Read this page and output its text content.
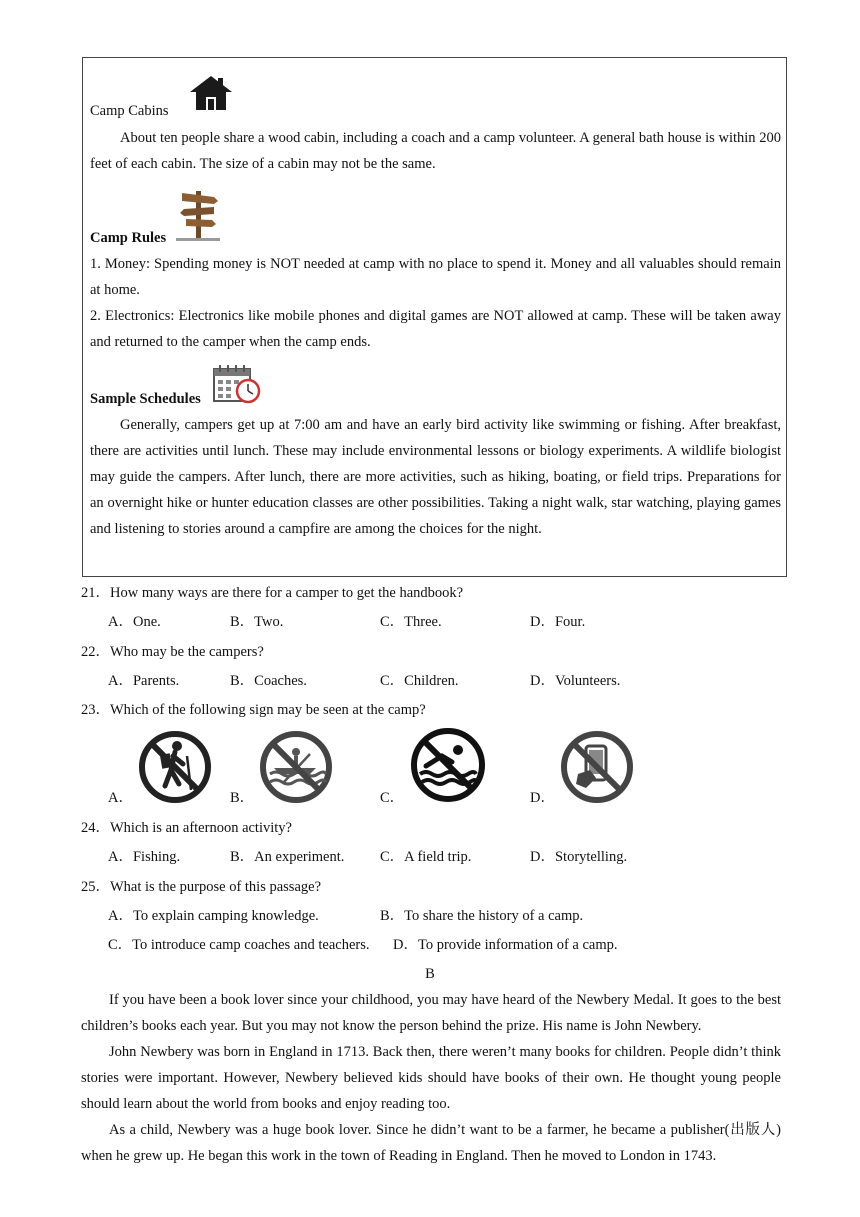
Camp Cabins
About ten people share a wood cabin, including a coach and a camp volunteer. A general bath house is within 200 feet of each cabin. The size of a cabin may not be the same.
Camp Rules
1. Money: Spending money is NOT needed at camp with no place to spend it. Money and all valuables should remain at home.
2. Electronics: Electronics like mobile phones and digital games are NOT allowed at camp. These will be taken away and returned to the camper when the camp ends.
Sample Schedules
Generally, campers get up at 7:00 am and have an early bird activity like swimming or fishing. After breakfast, there are activities until lunch. These may include environmental lessons or biology experiments. A wildlife biologist may guide the campers. After lunch, there are more activities, such as hiking, boating, or field trips. Preparations for an overnight hike or hunter education classes are other possibilities. Taking a night walk, star watching, playing games and listening to stories around a campfire are among the choices for the night.
21．How many ways are there for a camper to get the handbook?
A．One.	B．Two.	C．Three.	D．Four.
22．Who may be the campers?
A．Parents.	B．Coaches.	C．Children.	D．Volunteers.
23．Which of the following sign may be seen at the camp?
A．	B．	C．	D．
24．Which is an afternoon activity?
A．Fishing.	B．An experiment. C．A field trip.	D．Storytelling.
25．What is the purpose of this passage?
A．To explain camping knowledge.	B．To share the history of a camp.
C．To introduce camp coaches and teachers. D．To provide information of a camp.
B
If you have been a book lover since your childhood, you may have heard of the Newbery Medal. It goes to the best children’s books each year. But you may not know the person behind the prize. His name is John Newbery.
John Newbery was born in England in 1713. Back then, there weren’t many books for children. People didn’t think stories were important. However, Newbery believed kids should have books of their own. He thought young people should learn about the world from books and enjoy reading too.
As a child, Newbery was a huge book lover. Since he didn’t want to be a farmer, he became a publisher(出版人) when he grew up. He began this work in the town of Reading in England. Then he moved to London in 1743.
